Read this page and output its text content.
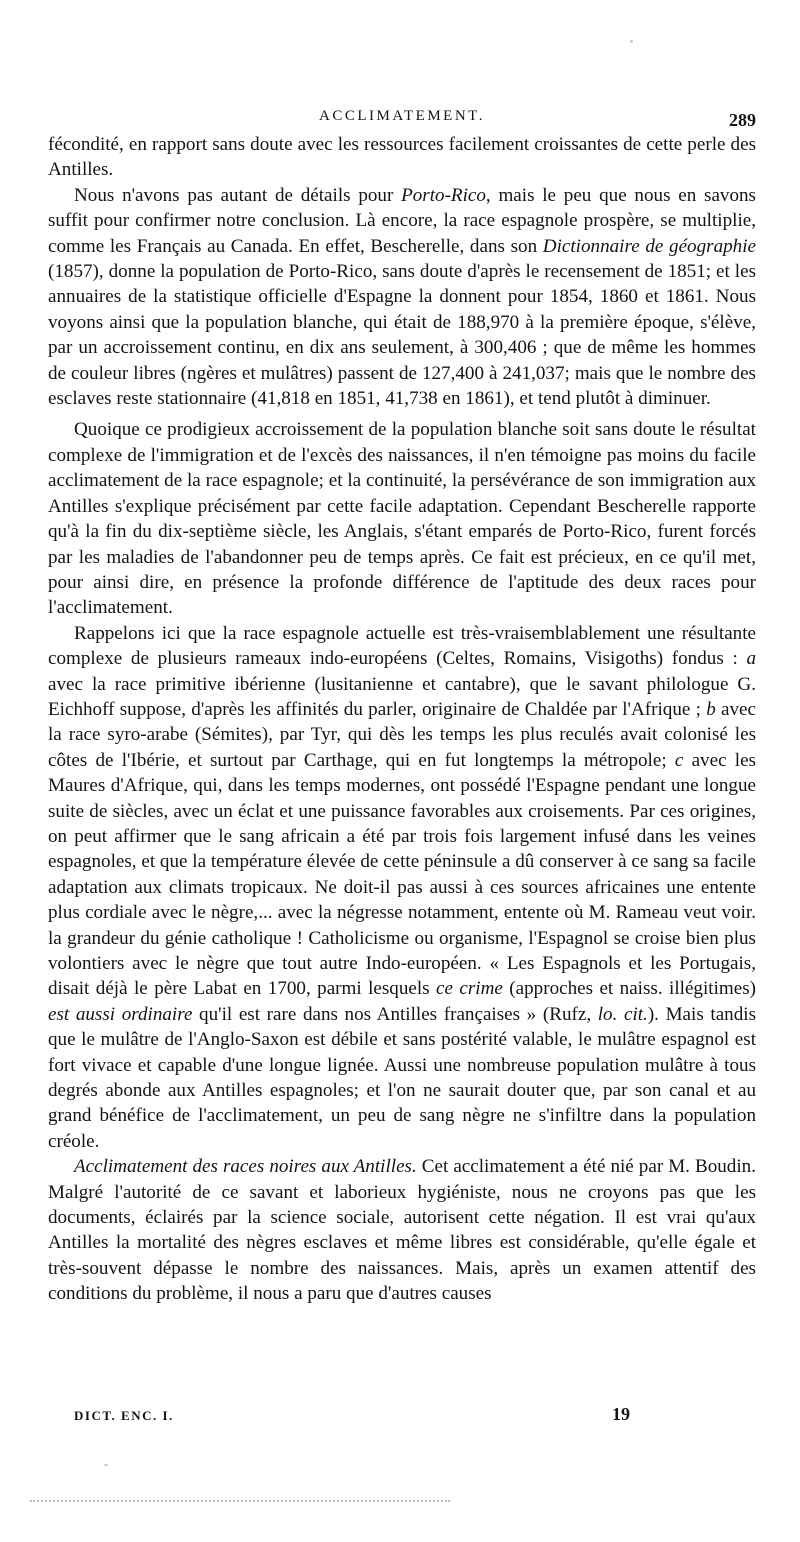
ACCLIMATEMENT.	289

fécondité, en rapport sans doute avec les ressources facilement croissantes de cette perle des Antilles.

Nous n'avons pas autant de détails pour Porto-Rico, mais le peu que nous en savons suffit pour confirmer notre conclusion. Là encore, la race espagnole prospère, se multiplie, comme les Français au Canada. En effet, Bescherelle, dans son Dictionnaire de géographie (1857), donne la population de Porto-Rico, sans doute d'après le recensement de 1851; et les annuaires de la statistique officielle d'Espagne la donnent pour 1854, 1860 et 1861. Nous voyons ainsi que la population blanche, qui était de 188,970 à la première époque, s'élève, par un accroissement continu, en dix ans seulement, à 300,406 ; que de même les hommes de couleur libres (ngères et mulâtres) passent de 127,400 à 241,037; mais que le nombre des esclaves reste stationnaire (41,818 en 1851, 41,738 en 1861), et tend plutôt à diminuer.

Quoique ce prodigieux accroissement de la population blanche soit sans doute le résultat complexe de l'immigration et de l'excès des naissances, il n'en témoigne pas moins du facile acclimatement de la race espagnole; et la continuité, la persévérance de son immigration aux Antilles s'explique précisément par cette facile adaptation. Cependant Bescherelle rapporte qu'à la fin du dix-septième siècle, les Anglais, s'étant emparés de Porto-Rico, furent forcés par les maladies de l'abandonner peu de temps après. Ce fait est précieux, en ce qu'il met, pour ainsi dire, en présence la profonde différence de l'aptitude des deux races pour l'acclimatement.

Rappelons ici que la race espagnole actuelle est très-vraisemblablement une résultante complexe de plusieurs rameaux indo-européens (Celtes, Romains, Visigoths) fondus : a avec la race primitive ibérienne (lusitanienne et cantabre), que le savant philologue G. Eichhoff suppose, d'après les affinités du parler, originaire de Chaldée par l'Afrique ; b avec la race syro-arabe (Sémites), par Tyr, qui dès les temps les plus reculés avait colonisé les côtes de l'Ibérie, et surtout par Carthage, qui en fut longtemps la métropole; c avec les Maures d'Afrique, qui, dans les temps modernes, ont possédé l'Espagne pendant une longue suite de siècles, avec un éclat et une puissance favorables aux croisements. Par ces origines, on peut affirmer que le sang africain a été par trois fois largement infusé dans les veines espagnoles, et que la température élevée de cette péninsule a dû conserver à ce sang sa facile adaptation aux climats tropicaux. Ne doit-il pas aussi à ces sources africaines une entente plus cordiale avec le nègre,... avec la négresse notamment, entente où M. Rameau veut voir. la grandeur du génie catholique ! Catholicisme ou organisme, l'Espagnol se croise bien plus volontiers avec le nègre que tout autre Indo-européen. « Les Espagnols et les Portugais, disait déjà le père Labat en 1700, parmi lesquels ce crime (approches et naiss. illégitimes) est aussi ordinaire qu'il est rare dans nos Antilles françaises » (Rufz, lo. cit.). Mais tandis que le mulâtre de l'Anglo-Saxon est débile et sans postérité valable, le mulâtre espagnol est fort vivace et capable d'une longue lignée. Aussi une nombreuse population mulâtre à tous degrés abonde aux Antilles espagnoles; et l'on ne saurait douter que, par son canal et au grand bénéfice de l'acclimatement, un peu de sang nègre ne s'infiltre dans la population créole.

Acclimatement des races noires aux Antilles. Cet acclimatement a été nié par M. Boudin. Malgré l'autorité de ce savant et laborieux hygiéniste, nous ne croyons pas que les documents, éclairés par la science sociale, autorisent cette négation. Il est vrai qu'aux Antilles la mortalité des nègres esclaves et même libres est considérable, qu'elle égale et très-souvent dépasse le nombre des naissances. Mais, après un examen attentif des conditions du problème, il nous a paru que d'autres causes

DICT. ENC. I.	19
